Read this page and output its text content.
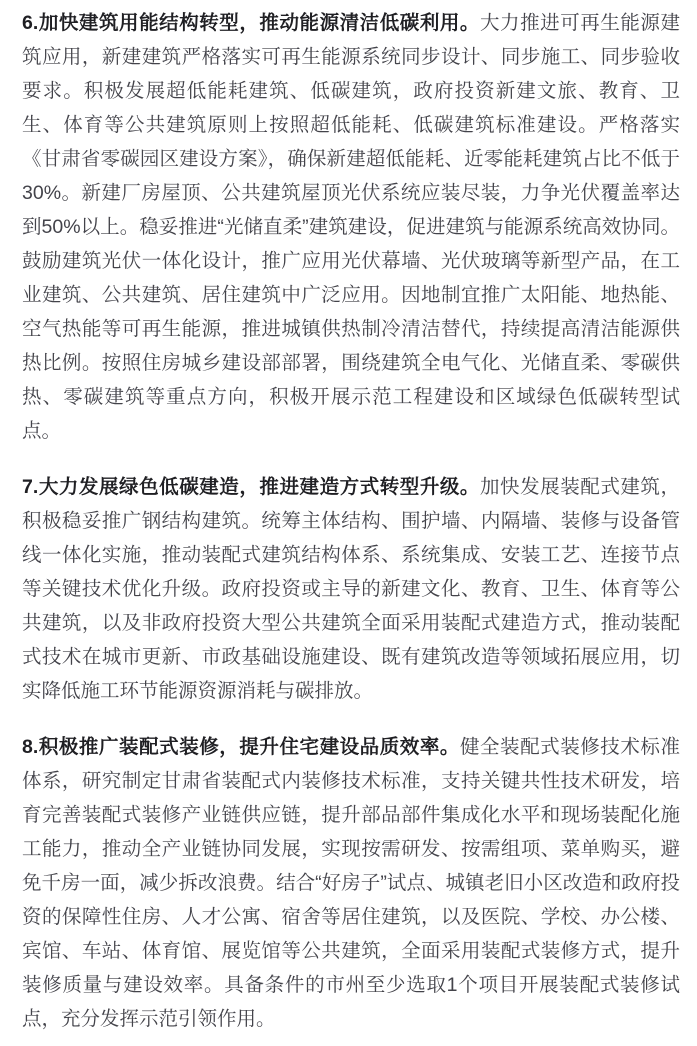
6.加快建筑用能结构转型，推动能源清洁低碳利用。大力推进可再生能源建筑应用，新建建筑严格落实可再生能源系统同步设计、同步施工、同步验收要求。积极发展超低能耗建筑、低碳建筑，政府投资新建文旅、教育、卫生、体育等公共建筑原则上按照超低能耗、低碳建筑标准建设。严格落实《甘肃省零碳园区建设方案》，确保新建超低能耗、近零能耗建筑占比不低于30%。新建厂房屋顶、公共建筑屋顶光伏系统应装尽装，力争光伏覆盖率达到50%以上。稳妥推进“光储直柔”建筑建设，促进建筑与能源系统高效协同。鼓励建筑光伏一体化设计，推广应用光伏幕墙、光伏玻璃等新型产品，在工业建筑、公共建筑、居住建筑中广泛应用。因地制宜推广太阳能、地热能、空气热能等可再生能源，推进城镇供热制冷清洁替代，持续提高清洁能源供热比例。按照住房城乡建设部部署，围绕建筑全电气化、光储直柔、零碳供热、零碳建筑等重点方向，积极开展示范工程建设和区域绿色低碳转型试点。

7.大力发展绿色低碳建造，推进建造方式转型升级。加快发展装配式建筑，积极稳妥推广钢结构建筑。统筹主体结构、围护墙、内隔墙、装修与设备管线一体化实施，推动装配式建筑结构体系、系统集成、安装工艺、连接节点等关键技术优化升级。政府投资或主导的新建文化、教育、卫生、体育等公共建筑，以及非政府投资大型公共建筑全面采用装配式建造方式，推动装配式技术在城市更新、市政基础设施建设、既有建筑改造等领域拓展应用，切实降低施工环节能源资源消耗与碳排放。

8.积极推广装配式装修，提升住宅建设品质效率。健全装配式装修技术标准体系，研究制定甘肃省装配式内装修技术标准，支持关键共性技术研发，培育完善装配式装修产业链供应链，提升部品部件集成化水平和现场装配化施工能力，推动全产业链协同发展，实现按需研发、按需组项、菜单购买，避免千房一面，减少拆改浪费。结合“好房子”试点、城镇老旧小区改造和政府投资的保障性住房、人才公寓、宿舍等居住建筑，以及医院、学校、办公楼、宾馆、车站、体育馆、展览馆等公共建筑，全面采用装配式装修方式，提升装修质量与建设效率。具备条件的市州至少选取1个项目开展装配式装修试点，充分发挥示范引领作用。
